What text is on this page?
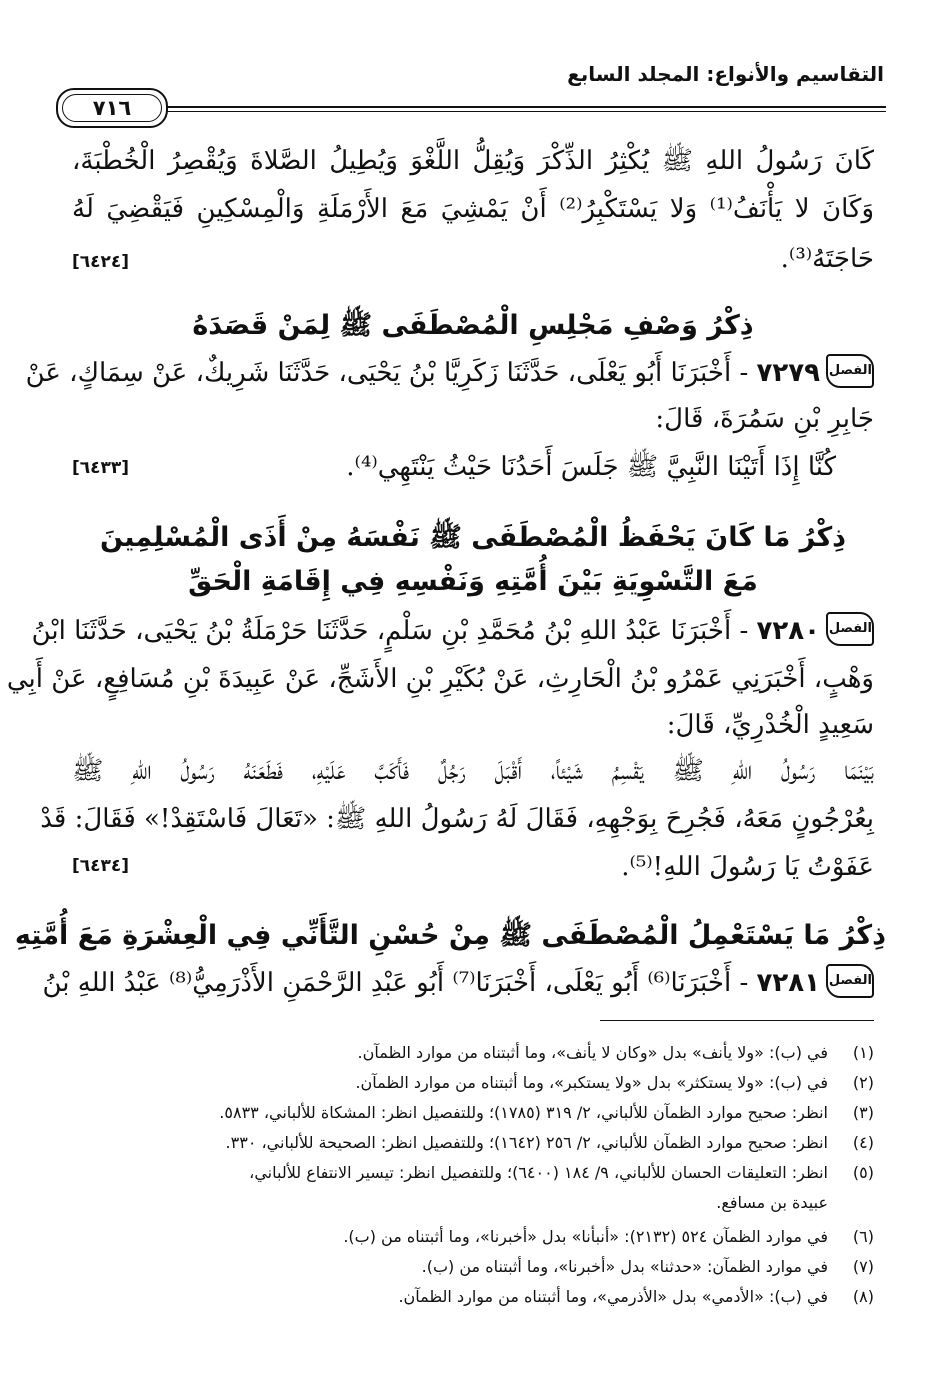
التقاسيم والأنواع: المجلد السابع
٧١٦
كَانَ رَسُولُ اللهِ ﷺ يُكْثِرُ الذِّكْرَ وَيُقِلُّ اللَّغْوَ وَيُطِيلُ الصَّلاةَ وَيُقْصِرُ الْخُطْبَةَ،
وَكَانَ لا يَأْنَفُ⁽¹⁾ وَلا يَسْتَكْبِرُ⁽²⁾ أَنْ يَمْشِيَ مَعَ الأَرْمَلَةِ وَالْمِسْكِينِ فَيَقْضِيَ لَهُ
حَاجَتَهُ⁽³⁾.
[٦٤٢٤]
ذِكْرُ وَصْفِ مَجْلِسِ الْمُصْطَفَى ﷺ لِمَنْ قَصَدَهُ
الفصل٧٢٧٩ - أَخْبَرَنَا أَبُو يَعْلَى، حَدَّثَنَا زَكَرِيَّا بْنُ يَحْيَى، حَدَّثَنَا شَرِيكٌ، عَنْ سِمَاكٍ، عَنْ
جَابِرِ بْنِ سَمُرَةَ، قَالَ:
كُنَّا إِذَا أَتَيْنَا النَّبِيَّ ﷺ جَلَسَ أَحَدُنَا حَيْثُ يَنْتَهِي⁽⁴⁾.
[٦٤٣٣]
ذِكْرُ مَا كَانَ يَحْفَظُ الْمُصْطَفَى ﷺ نَفْسَهُ مِنْ أَذَى الْمُسْلِمِينَ
مَعَ التَّسْوِيَةِ بَيْنَ أُمَّتِهِ وَنَفْسِهِ فِي إِقَامَةِ الْحَقِّ
الفصل٧٢٨٠ - أَخْبَرَنَا عَبْدُ اللهِ بْنُ مُحَمَّدِ بْنِ سَلْمٍ، حَدَّثَنَا حَرْمَلَةُ بْنُ يَحْيَى، حَدَّثَنَا ابْنُ
وَهْبٍ، أَخْبَرَنِي عَمْرُو بْنُ الْحَارِثِ، عَنْ بُكَيْرِ بْنِ الأَشَجِّ، عَنْ عَبِيدَةَ بْنِ مُسَافِعٍ، عَنْ أَبِي
سَعِيدٍ الْخُدْرِيِّ، قَالَ:
بَيْنَمَا رَسُولُ اللهِ ﷺ يَقْسِمُ شَيْئاً، أَقْبَلَ رَجُلٌ فَأَكَبَّ عَلَيْهِ، فَطَعَنَهُ رَسُولُ اللهِ ﷺ
بِعُرْجُونٍ مَعَهُ، فَجُرِحَ بِوَجْهِهِ، فَقَالَ لَهُ رَسُولُ اللهِ ﷺ: «تَعَالَ فَاسْتَقِدْ!» فَقَالَ: قَدْ
عَفَوْتُ يَا رَسُولَ اللهِ!⁽⁵⁾.
[٦٤٣٤]
ذِكْرُ مَا يَسْتَعْمِلُ الْمُصْطَفَى ﷺ مِنْ حُسْنِ التَّأَنِّي فِي الْعِشْرَةِ مَعَ أُمَّتِهِ
الفصل٧٢٨١ - أَخْبَرَنَا⁽⁶⁾ أَبُو يَعْلَى، أَخْبَرَنَا⁽⁷⁾ أَبُو عَبْدِ الرَّحْمَنِ الأَذْرَمِيُّ⁽⁸⁾ عَبْدُ اللهِ بْنُ
(١)في (ب): «ولا يأنف» بدل «وكان لا يأنف»، وما أثبتناه من موارد الظمآن.
(٢)في (ب): «ولا يستكثر» بدل «ولا يستكبر»، وما أثبتناه من موارد الظمآن.
(٣)انظر: صحيح موارد الظمآن للألباني، ٢/ ٣١٩ (١٧٨٥)؛ وللتفصيل انظر: المشكاة للألباني، ٥٨٣٣.
(٤)انظر: صحيح موارد الظمآن للألباني، ٢/ ٢٥٦ (١٦٤٢)؛ وللتفصيل انظر: الصحيحة للألباني، ٣٣٠.
(٥)انظر: التعليقات الحسان للألباني، ٩/ ١٨٤ (٦٤٠٠)؛ وللتفصيل انظر: تيسير الانتفاع للألباني،
عبيدة بن مسافع.
(٦)في موارد الظمآن ٥٢٤ (٢١٣٢): «أنبأنا» بدل «أخبرنا»، وما أثبتناه من (ب).
(٧)في موارد الظمآن: «حدثنا» بدل «أخبرنا»، وما أثبتناه من (ب).
(٨)في (ب): «الأدمي» بدل «الأذرمي»، وما أثبتناه من موارد الظمآن.
